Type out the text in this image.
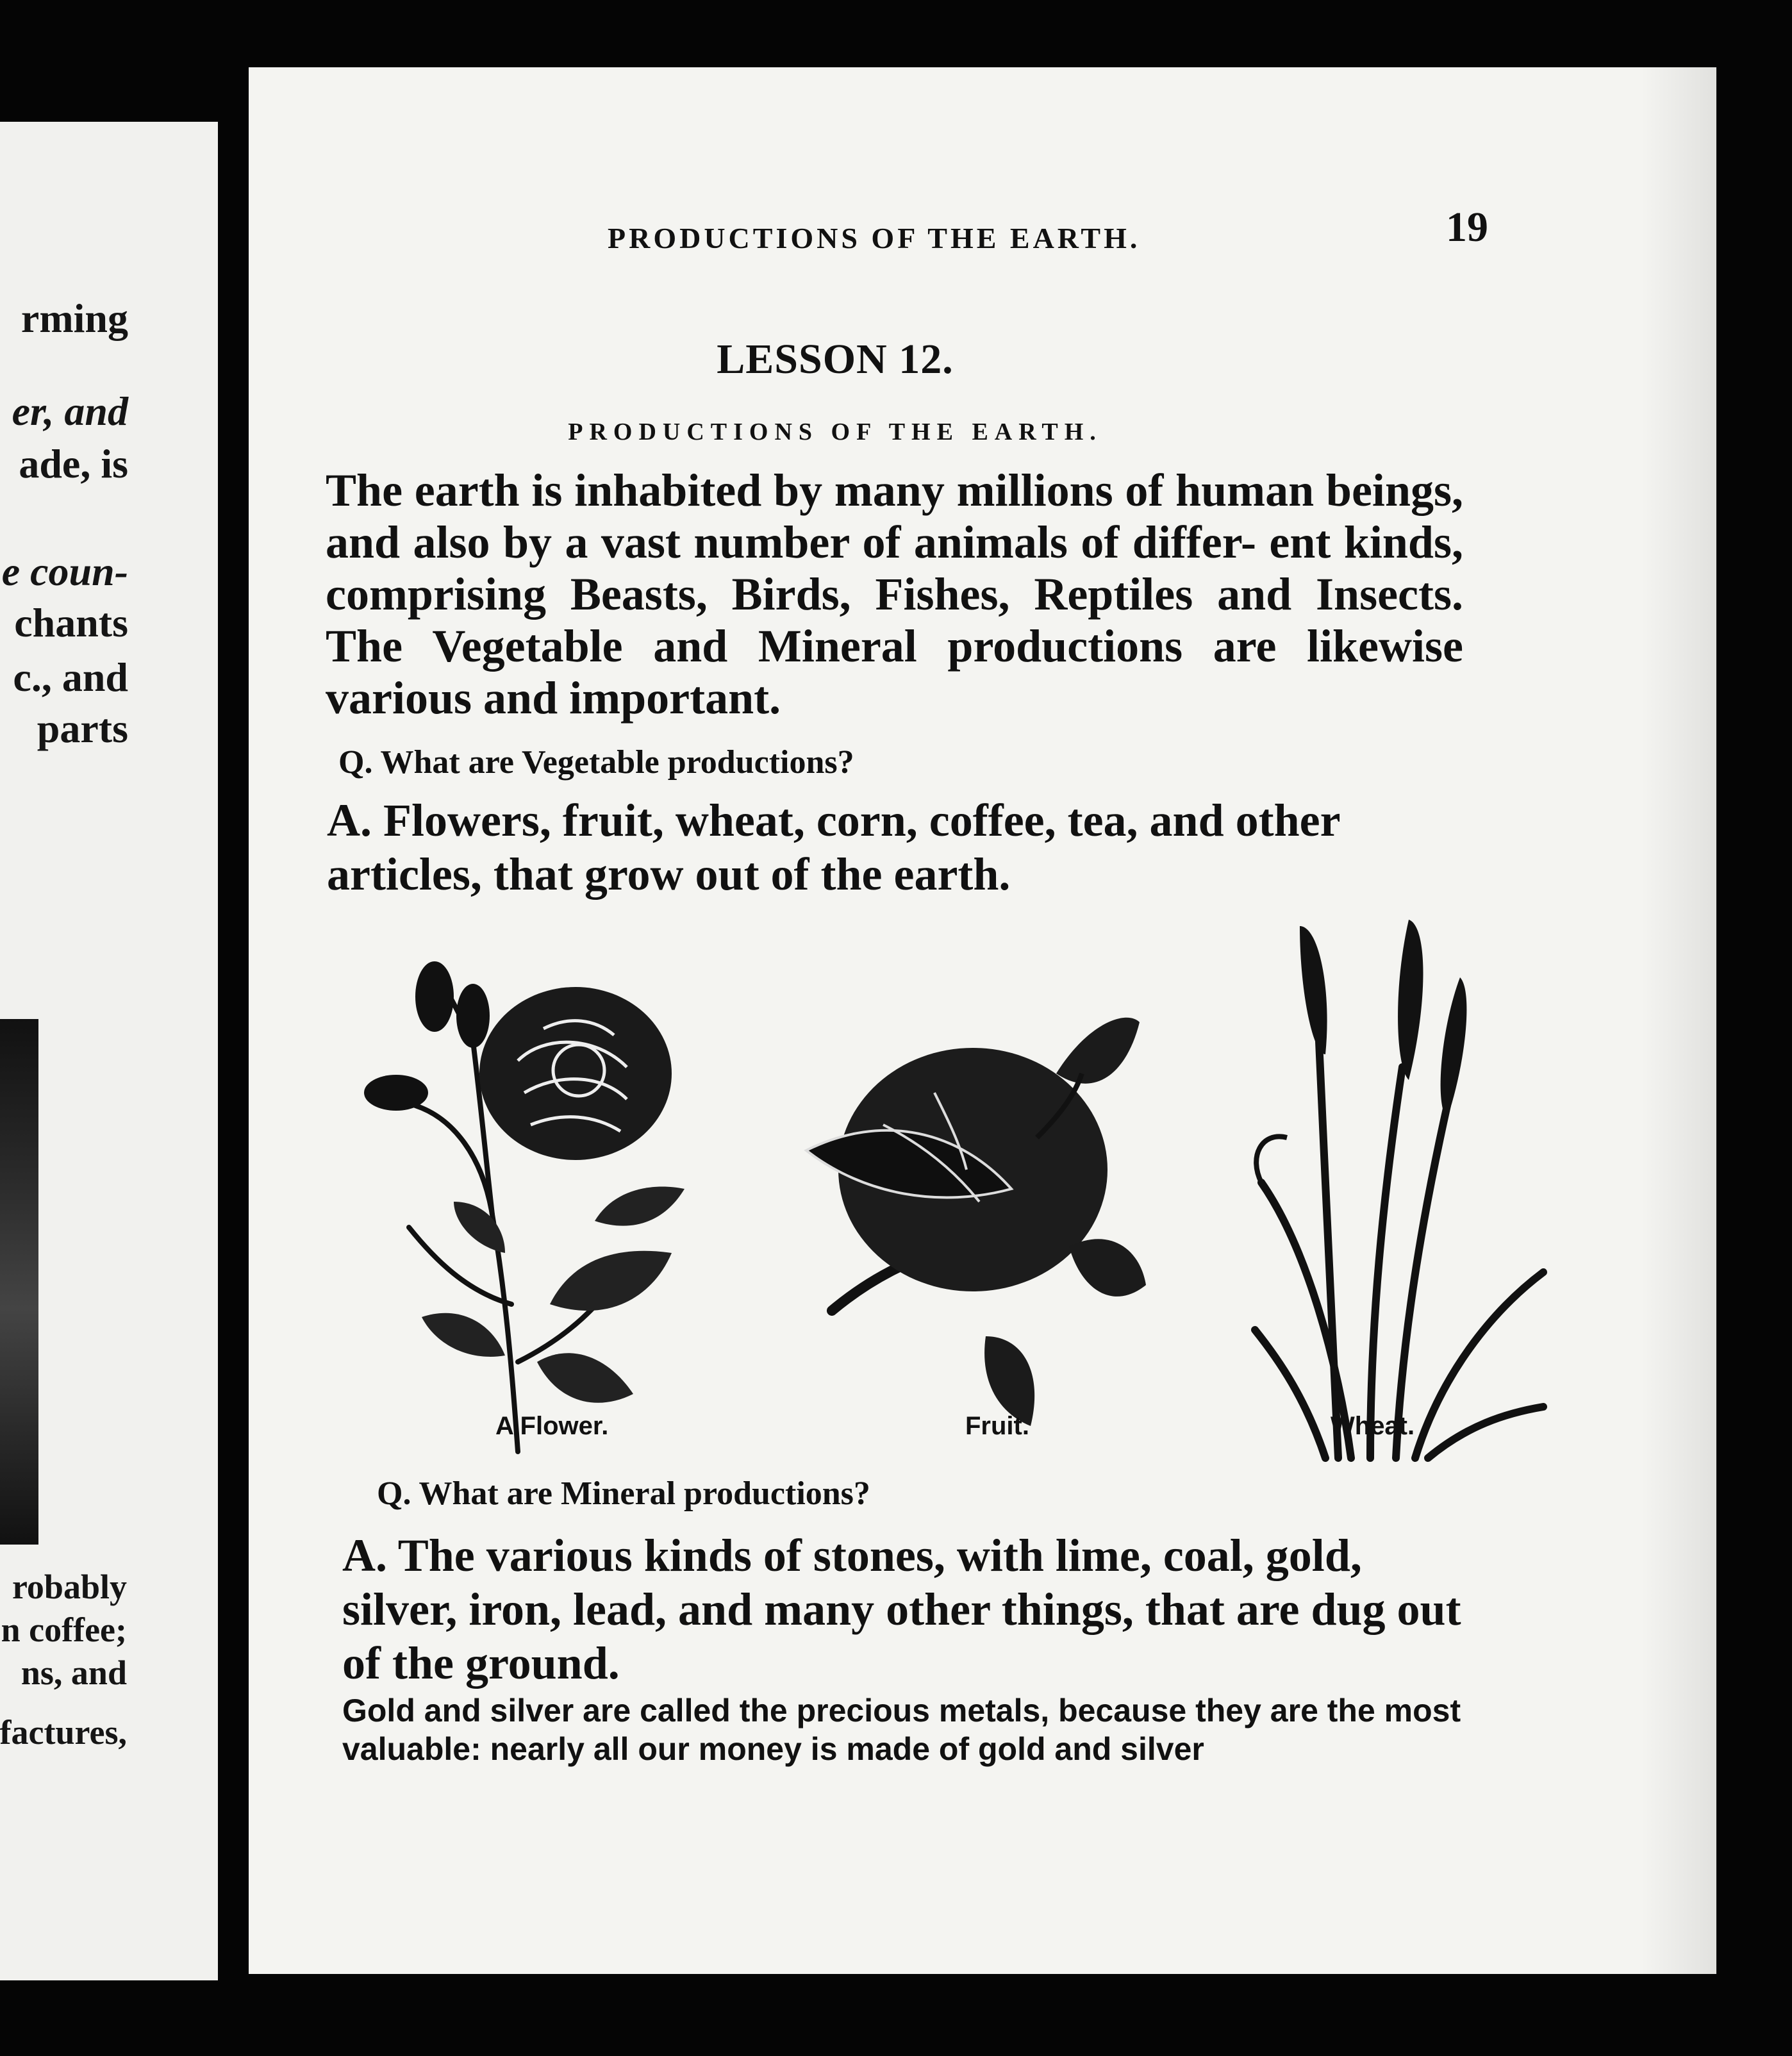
rming
er, and
ade, is
e coun-
chants
c., and
parts
robably
n coffee;
ns, and
factures,
PRODUCTIONS OF THE EARTH.	19
LESSON 12.
PRODUCTIONS OF THE EARTH.
The earth is inhabited by many millions of human beings, and also by a vast number of animals of differ- ent kinds, comprising Beasts, Birds, Fishes, Reptiles and Insects. The Vegetable and Mineral productions are likewise various and important.
Q. What are Vegetable productions?
A. Flowers, fruit, wheat, corn, coffee, tea, and other articles, that grow out of the earth.
A Flower.	Fruit.	Wheat.
Q. What are Mineral productions?
A. The various kinds of stones, with lime, coal, gold, silver, iron, lead, and many other things, that are dug out of the ground.
Gold and silver are called the precious metals, because they are the most valuable: nearly all our money is made of gold and silver
